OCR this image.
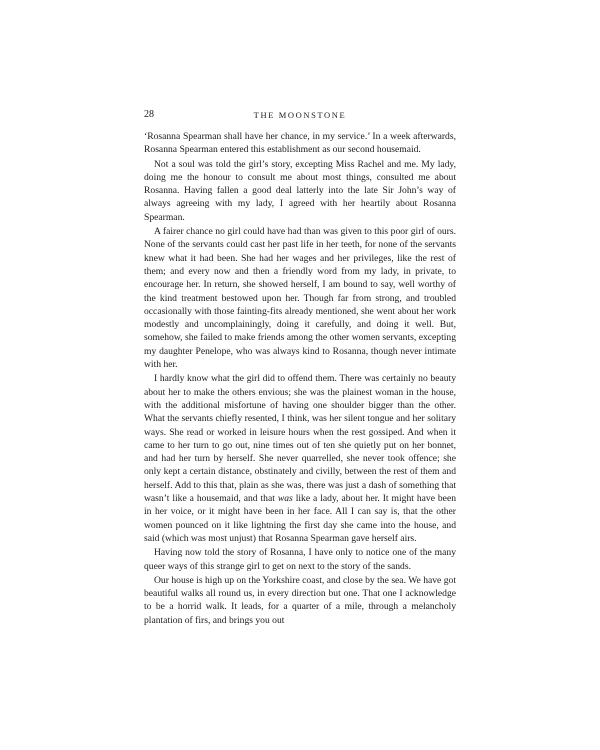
28	THE MOONSTONE

‘Rosanna Spearman shall have her chance, in my service.’ In a week afterwards, Rosanna Spearman entered this establishment as our second housemaid.

Not a soul was told the girl’s story, excepting Miss Rachel and me. My lady, doing me the honour to consult me about most things, consulted me about Rosanna. Having fallen a good deal latterly into the late Sir John’s way of always agreeing with my lady, I agreed with her heartily about Rosanna Spearman.

A fairer chance no girl could have had than was given to this poor girl of ours. None of the servants could cast her past life in her teeth, for none of the servants knew what it had been. She had her wages and her privileges, like the rest of them; and every now and then a friendly word from my lady, in private, to encourage her. In return, she showed herself, I am bound to say, well worthy of the kind treatment bestowed upon her. Though far from strong, and troubled occasionally with those fainting-fits already mentioned, she went about her work modestly and uncomplainingly, doing it carefully, and doing it well. But, somehow, she failed to make friends among the other women servants, excepting my daughter Penelope, who was always kind to Rosanna, though never intimate with her.

I hardly know what the girl did to offend them. There was certainly no beauty about her to make the others envious; she was the plainest woman in the house, with the additional misfortune of having one shoulder bigger than the other. What the servants chiefly resented, I think, was her silent tongue and her solitary ways. She read or worked in leisure hours when the rest gossiped. And when it came to her turn to go out, nine times out of ten she quietly put on her bonnet, and had her turn by herself. She never quarrelled, she never took offence; she only kept a certain distance, obstinately and civilly, between the rest of them and herself. Add to this that, plain as she was, there was just a dash of something that wasn’t like a housemaid, and that was like a lady, about her. It might have been in her voice, or it might have been in her face. All I can say is, that the other women pounced on it like lightning the first day she came into the house, and said (which was most unjust) that Rosanna Spearman gave herself airs.

Having now told the story of Rosanna, I have only to notice one of the many queer ways of this strange girl to get on next to the story of the sands.

Our house is high up on the Yorkshire coast, and close by the sea. We have got beautiful walks all round us, in every direction but one. That one I acknowledge to be a horrid walk. It leads, for a quarter of a mile, through a melancholy plantation of firs, and brings you out
